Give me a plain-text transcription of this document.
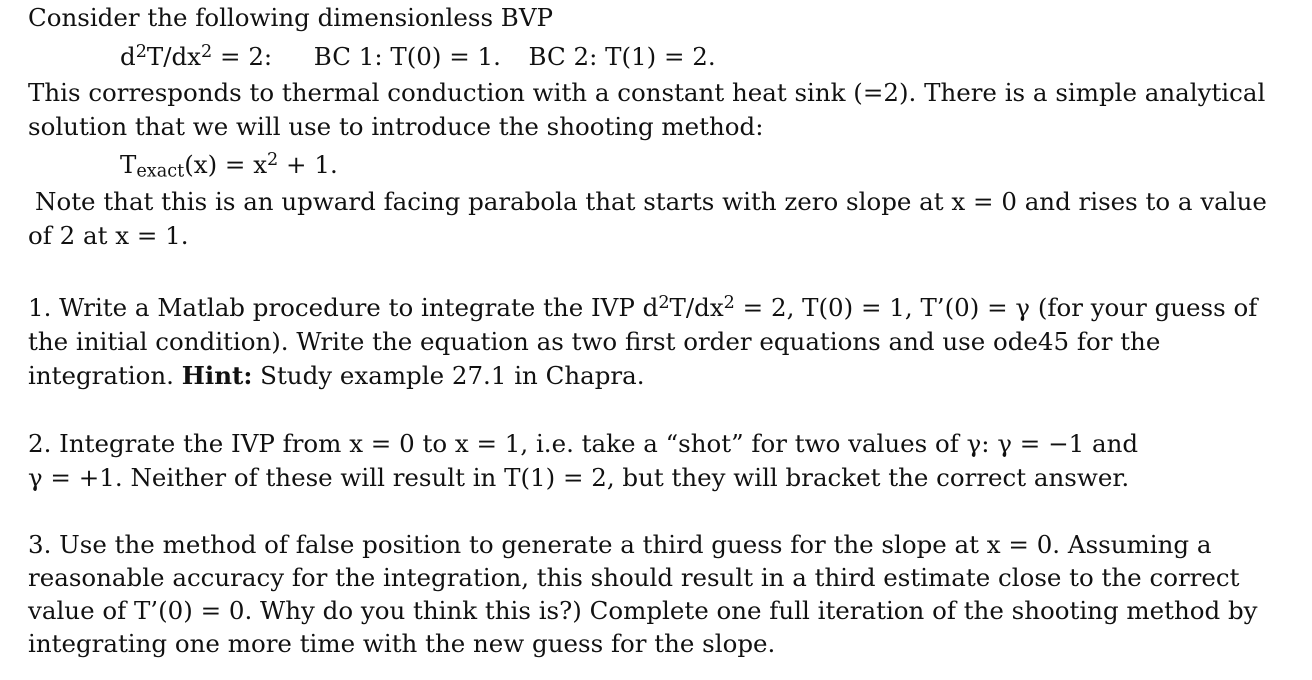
Consider the following dimensionless BVP
$d^2T/dx^2 = 2$: BC 1: T(0) = 1. BC 2: T(1) = 2.
This corresponds to thermal conduction with a constant heat sink (=2). There is a simple analytical
solution that we will use to introduce the shooting method:
$T_{exact}(x) = x^2 + 1$.
Note that this is an upward facing parabola that starts with zero slope at x = 0 and rises to a value
of 2 at x = 1.
1. Write a Matlab procedure to integrate the IVP $d^2T/dx^2 = 2$, T(0) = 1, T’(0) = γ (for your guess of
the initial condition). Write the equation as two first order equations and use ode45 for the
integration. Hint: Study example 27.1 in Chapra.
2. Integrate the IVP from x = 0 to x = 1, i.e. take a “shot” for two values of γ: γ = −1 and
γ = +1. Neither of these will result in T(1) = 2, but they will bracket the correct answer.
3. Use the method of false position to generate a third guess for the slope at x = 0. Assuming a
reasonable accuracy for the integration, this should result in a third estimate close to the correct
value of T’(0) = 0. Why do you think this is?) Complete one full iteration of the shooting method by
integrating one more time with the new guess for the slope.
